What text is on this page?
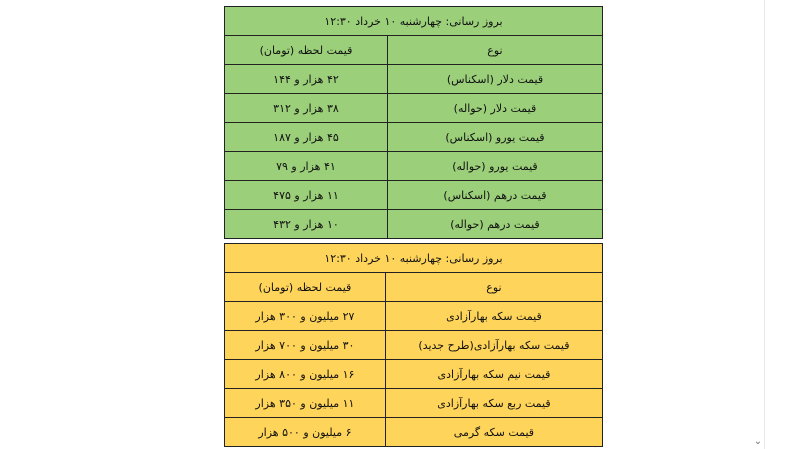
بروز رسانی: چهارشنبه ۱۰ خرداد ۱۲:۳۰	
نوع	قیمت لحظه (تومان)
قیمت دلار (اسکناس)	۴۲ هزار و ۱۴۴
قیمت دلار (حواله)	۳۸ هزار و ۳۱۲
قیمت یورو (اسکناس)	۴۵ هزار و ۱۸۷
قیمت یورو (حواله)	۴۱ هزار و ۷۹
قیمت درهم (اسکناس)	۱۱ هزار و ۴۷۵
قیمت درهم (حواله)	۱۰ هزار و ۴۳۲
بروز رسانی: چهارشنبه ۱۰ خرداد ۱۲:۳۰	
نوع	قیمت لحظه (تومان)
قیمت سکه بهارآزادی	۲۷ میلیون و ۳۰۰ هزار
قیمت سکه بهارآزادی(طرح جدید)	۳۰ میلیون و ۷۰۰ هزار
قیمت نیم سکه بهارآزادی	۱۶ میلیون و ۸۰۰ هزار
قیمت ربع سکه بهارآزادی	۱۱ میلیون و ۳۵۰ هزار
قیمت سکه گرمی	۶ میلیون و ۵۰۰ هزار
⌄
